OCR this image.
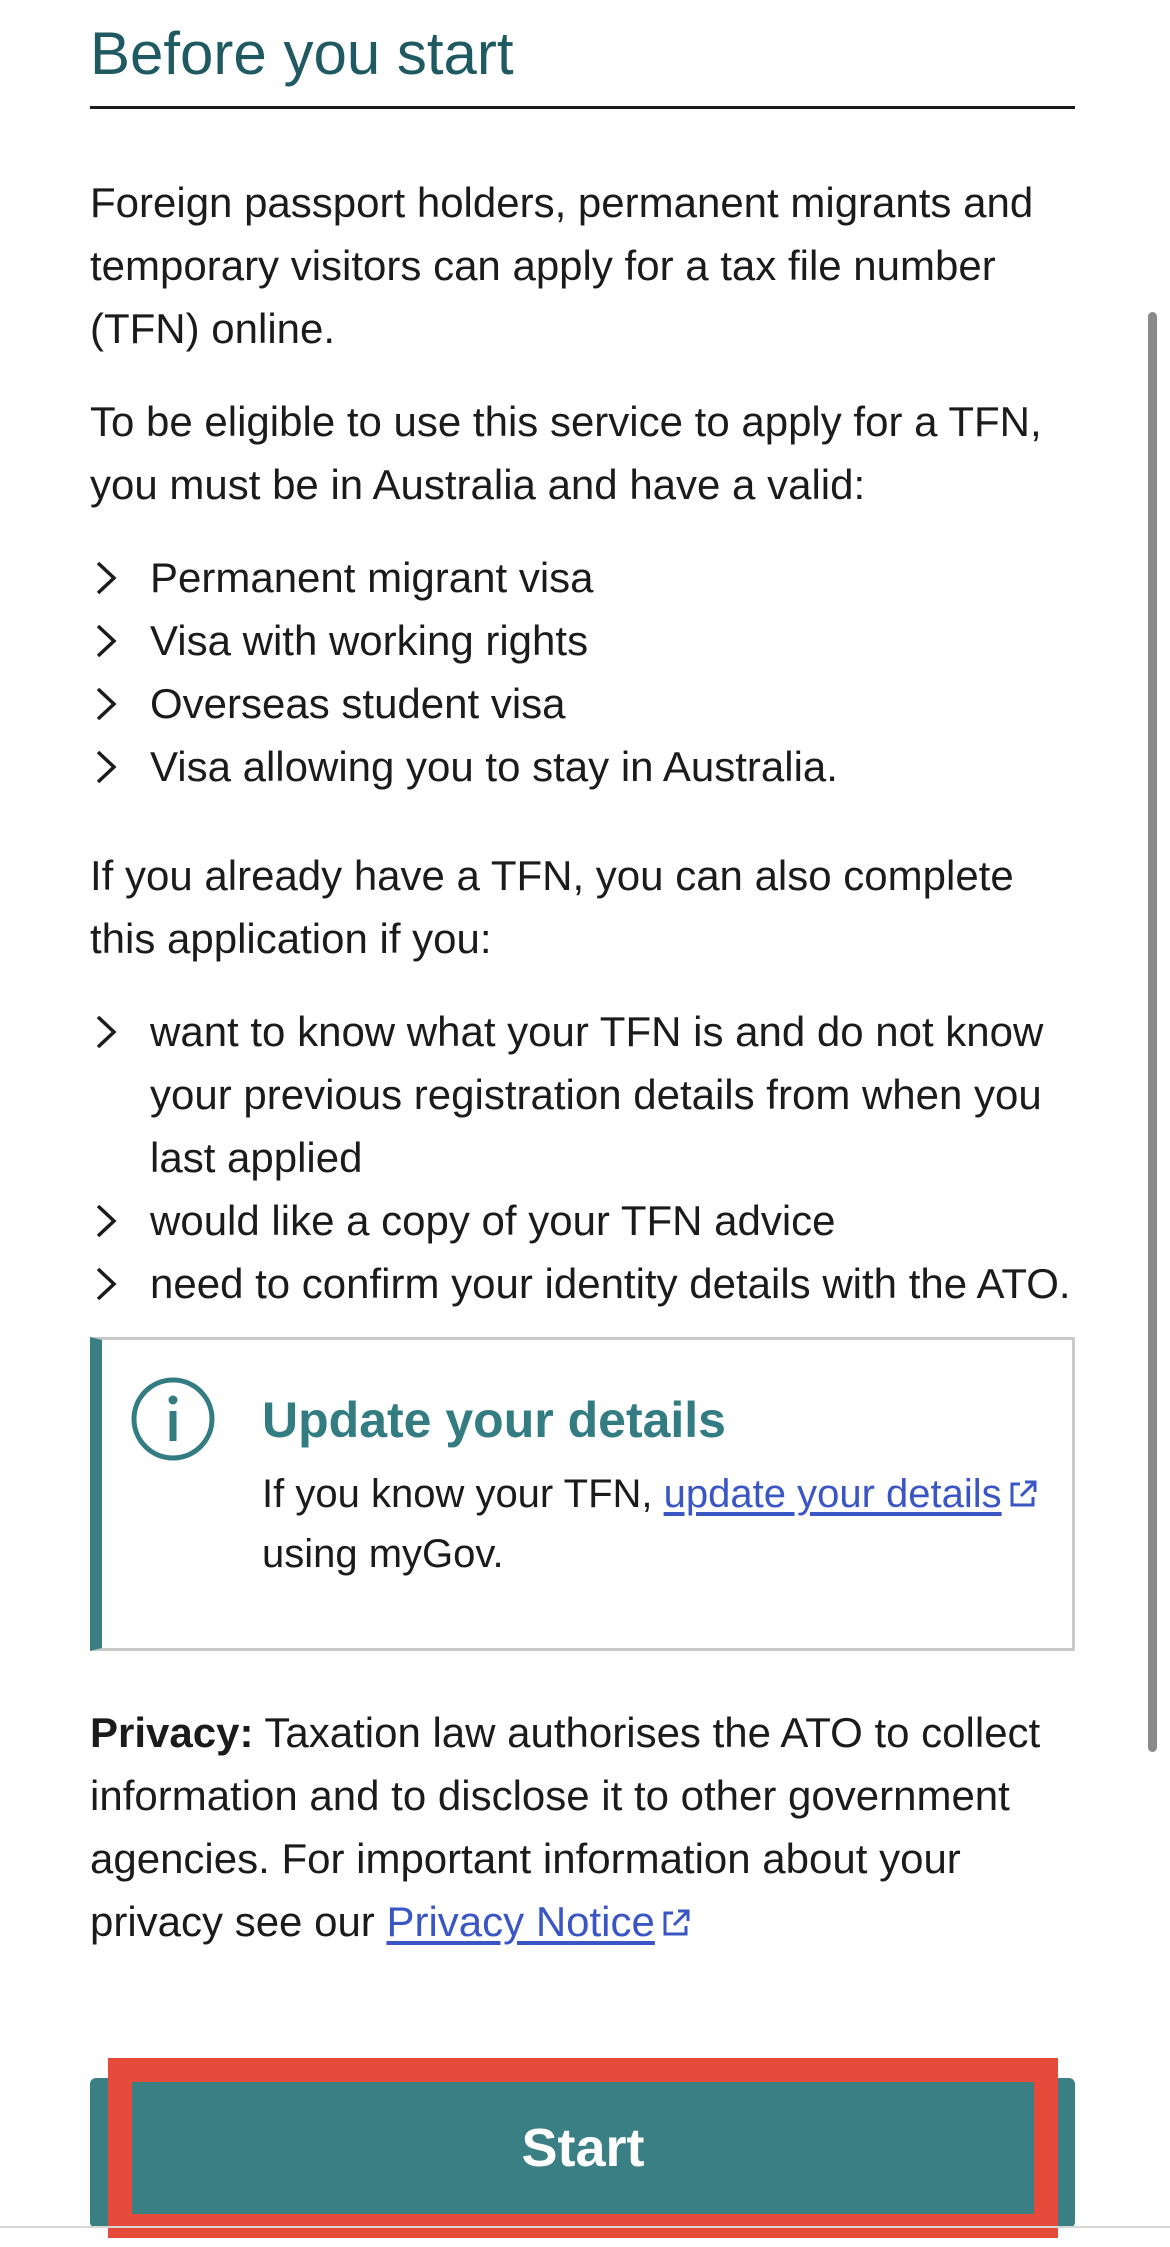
Before you start

Foreign passport holders, permanent migrants and temporary visitors can apply for a tax file number (TFN) online.

To be eligible to use this service to apply for a TFN, you must be in Australia and have a valid:

Permanent migrant visa
Visa with working rights
Overseas student visa
Visa allowing you to stay in Australia.

If you already have a TFN, you can also complete this application if you:

want to know what your TFN is and do not know your previous registration details from when you last applied
would like a copy of your TFN advice
need to confirm your identity details with the ATO.
Update your details

If you know your TFN, update your details using myGov.

Privacy: Taxation law authorises the ATO to collect information and to disclose it to other government agencies. For important information about your privacy see our Privacy Notice

Start
